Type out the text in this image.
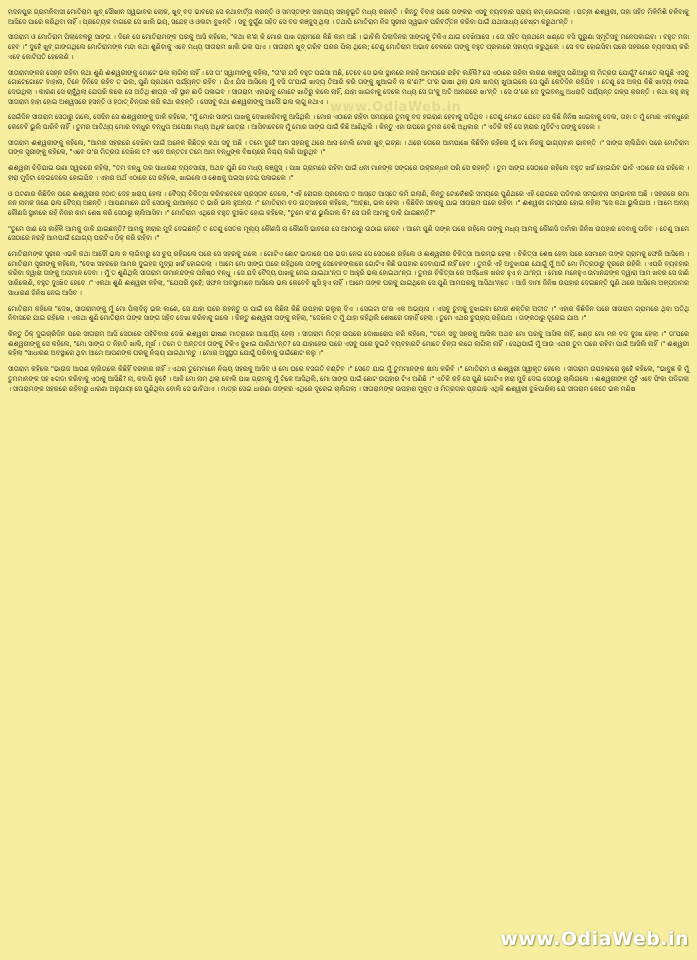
ମଦନପୁର ଗ୍ରାମନିବାସୀ ମୋତିରାମ ଖୁବ୍ ସୌଖୀନ ସ୍ୱଭାବର ଲୋକ, ଖୁବ୍ ବଡ଼ ଭାବରେ ସେ କଥାବାର୍ତ୍ତା କରନ୍ତି ଓ ସମସ୍ତଙ୍କ ସାହାଯ୍ୟ ସହାନୁଭୂତି ମଧ୍ୟ କରନ୍ତି । କିନ୍ତୁ ବିବାହ ପରେ ତାଙ୍କର ଏସବୁ ବ୍ୟବହାର ପ୍ରାୟ କମ୍ ହୋଇଗଲା । ପତ୍ନୀ ଈଶ୍ୱରୀ, ତାହା ସହିତ ମିଳିମିଶି ଚଳିବାକୁ ଆସିଦେ ପାରେ କରିଥିବା ନାହିଁ । ପ୍ରତ୍ୟେକ ବାଗରେ ସେ ଖାଲି ଭୟ, ସନ୍ଦେହ ଓ ଓଲଟା ବୁଝନ୍ତି । ସବୁ ଦୁର୍ଗୁଣ ସହିତ ସେ ବଡ କଞ୍ଜୁସ୍ ଥିଲା । ତଥାପି ମୋତିରାମ ନିଜ ସ୍ତ୍ରୀର ସ୍ୱଭାବ ପରିବର୍ତ୍ତନ କରିବା ପାଇଁ ଯଥାସାଧ୍ୟ ଚେଷ୍ଟା କରୁଥା'ନ୍ତି ।

ସୀତାରାମ ଓ ମୋତିରାମ ପିଲାବେଳରୁ ସାଙ୍ଗ । ଦିନେ ସେ ମୋତିରାମଙ୍କ ଘରକୁ ଆସି କହିଲେ, "କଥା କ'ଣ କି ମୋର ପାଖ ଗ୍ରାମରେ କିଛି କାମ ଅଛି । ଭାବିଲି ପିଲାଦିନର ସାଙ୍ଗକୁ ଟିକିଏ ଯାଇ ଦେଖିଆସେ । ତୋ ସହିତ ପ୍ରଥମେ ଖଣ୍ଡେ ବସି ପୁରୁଣା ସ୍ମୃତିସବୁ ମନେପକାଇବା । ବହୁତ ମଜା ହେବ ।" ଦୁହେଁ ଖୁବ୍ ଗାଙ୍ଗଥିଲେ ମୋତିରାମଙ୍କ ମନ୍ଦା କଥା ଶୁଣିବାକୁ ଏବେ ମଧ୍ୟ ସୀତାରାମ ଖାଲି ଭଲ ପାଏ । ସୀତାରାମ ଖୁବ୍ ଗରିବ ଘରର ପିଲା ଥିଲେ; ତେଣୁ ମୋତିରାମ ଅଭାବ ବେଳରେ ତାଙ୍କୁ ବହୁତ ପ୍ରକାରେ ସହାୟତା କରୁଥିଲେ । ସେ ବଡ ହୋଇସିବା ପରେ ସହରରେ ବ୍ୟବସାୟ କରି ଏବେ କୋଟିପତି ହେଲେଣି ।

ସୀତାରାମଙ୍କର ସେହ୍ନ ରହିବା କଥା ଶୁଣି ଈଶ୍ୱରୀଙ୍କୁ ମୋଟେ ଭଲ ଲାଗିଲା ନାହିଁ । ସେ ତା' ସ୍ୱାମୀଙ୍କୁ କହିଲା, "ତା'ର ଯଦି ବହୁତ ପଇସା ଅଛି, ତେବେ ସେ ଭଲ ସ୍ଥାନରେ ନରହି ଆମଘରେ ରହିବ କାହିଁକି? ସେ ଏଠାରେ ରହିବା କାରଣ କଞ୍ଜୁସ୍ ପଣିଆରୁ ନା ମିତ୍ରତା ଯୋଗୁଁ? ମୋତେ ଲାଗୁଛି ଏସବୁ ଗୋଟେଗୋଟେ ବାହାନା, ତିନେ ଦିନିଦେ ରହିବ ତ ଭଲ, ପୁଣି ପ୍ରଥମେ ପର୍ଯ୍ୟନ୍ତ ରହିବ । ଯିଏ ଯିସ ଆସିଲେ ମୁଁ ବସି ତା'ପାଇଁ ଖାଦ୍ୟ ତିଆରି କରି ତାଙ୍କୁ ଖୁଆଇବି ନା କ'ଣ?" ତା'ର ଭାଷା ଥିଲା ଭଲ ଖାଦ୍ୟ ଖୁଆଇଲେ ସେ ପୁଣି କେତିଦିନ ରହିଯିବ । ତେଣୁ ସେ ଅଳ୍ପ କିଛି ଖାଦ୍ୟ ବନାଇ ଦେଉଥିଲା । କାରଣ ସେ ଚାହୁଁଥିଲା ଯେପରି କଲେ ସେ ଅତିଥି ଶୀଘ୍ର ଏହି ସ୍ଥାନ ଛାଡି ପଳାଇବ । ସୀତାରାମ ଏହାଭାବୁ ମୋଟେ ଖାତିରୁ କଲେ ନାହିଁ, ଯାହା ଖାଇବାକୁ ଦେଲେ ମଧ୍ୟ ସେ ତା'କୁ ଅତି ଆନନ୍ଦରେ ଖା'ନ୍ତି । ସେ ତା'ରେ ଦେ ଦୁଇବନ୍ଧୁ ଅଧରାତି ପର୍ଯ୍ୟନ୍ତ ଗଳ୍ପ କରନ୍ତି । କଥା କହୁ କହୁ ସୀତାରାମ ହାହା ହୋଇ ଅଶ୍ୱସରେ ହସନ୍ତି ଓ ହଠାତ୍ ଚିନ୍ତାର କରି କଥା ଲହନ୍ତି । ସେସବୁ କଥା ଈଶ୍ୱରୀଙ୍କୁ ଆଦୌ ଭଲ ଲାଗୁ ନଥାଏ ।

ସେଇଁଦିନ ସୀତାରାମ ସେଠାରୁ ଗଲେ, ସେଦିନ ସେ ଈଶ୍ୱରୀଙ୍କୁ ଡାକି କହିଲେ, "ମୁଁ ମୋର ସାଙ୍ଗ ପାଖକୁ ଦେଖାକରିବାକୁ ଆସିଥିଲି । ମୋର ଏଠାରେ ରହିବା ସମୟରେ ତୁମକୁ ବଡ ହଇରାଣ ହେବାକୁ ପଡିଥିବ । ତେଣୁ ମୋତେ ଯେତେ ସେ କିଛି ଜିନିଷ ଖାଇବାକୁ ଦେଲ, ତାହା ତ ମୁଁ ମୋର ଏବନ୍ଧୁରେ କେବେବି ଭୁଲି ପାରିବି ନାହିଁ । ତୁମର ଆତିଥ୍ୟ ମୋର ବନ୍ଧୁର ବନ୍ଧୁତା ଅପେକ୍ଷା ମଧ୍ୟ ଅଧିକ ଖେତ୍ରା । ଆସିବାବେଳେ ମୁଁ ମୋର ସାଙ୍ଗ ପାଇଁ କିଛି ଆଣିଥିଲି । କିନ୍ତୁ ଏହା ଉପରେ ତୁମର ବେଶି ଅଧିକାର ।" ଏତିକି କହି ସେ ହୀରାର ମୁଦିଟିଏ ତାଙ୍କୁ ଦେଲେ ।

ସୀତାରାମ ଈଶ୍ୱରୀଙ୍କୁ କହିଲେ, "ଆମର ସହରରେ ଦେଖିବା ପାଇଁ ଅନେକ କିଛିତ୍ର କଥା ସବୁ ଅଛି । ତମେ ଦୁହେଁ ଆମ ସହରକୁ ଥରେ ଆସ ବୋଲି ମୋର ଖୁବ୍ ଇଚ୍ଛା । ଥରେ ତୋରେ ଆମପାଖେ କିଛିଦିନ ରହିଲେ ମୁଁ ମୋ ନିଜକୁ ଭାଗ୍ୟବାନ ଭାବନ୍ତି ।" ସାଙ୍ଗ ଚାଲିଯିବା ପରେ ମୋତିରାମ ତାଙ୍କ ସ୍ତ୍ରୀଙ୍କୁ କହିଲେ, "ଏବେ ତା'ର ମିତ୍ରତା ଦେଖିଲ ତ? ଏବେ ଅନ୍ତତଃ ତମେ ଆମ ବନ୍ଧୁଙ୍କ ବିଷୟରେ ନିଶ୍ଚୟ କାଣି ପାରୁଥିବ ।"

ଈଶ୍ୱରୀ ଚିଡ଼ିଯାଇ ଉଣା ସ୍ୱରରେ କହିଲା, "ତମ ବନ୍ଧୁ ତାର ସାଧାରଣ ବ୍ୟବସାୟୀ, ଅଥଚ ପୁଣି ସେ ମଧ୍ୟ କଞ୍ଜୁସ୍ । ପାଖ ଗ୍ରାମରେ ରହିବା ପାଇଁ ଧନୀ ମାନଙ୍କ ସଙ୍ଗରେ ଉକ୍ରନ୍ଧନ ପରି ସେ ରହନ୍ତି । ତୁମ ସାଙ୍ଗ ସେଠାରେ ରହିଲେ ବହୁତ ଖର୍ଚ୍ଚ ହୋଇଯିବ ଭାବି ଏଠାରେ ସେ ରହିଲେ । ହୀରା ମୁଦିଟା ଦେଇଦେଲେ ହୋଇଯିବ । ଏହାର ଅର୍ଥ ଏଠାରେ ସେ ରହିଲେ, ଖାଇଲେ ଓ ଶେଷକୁ ପଇସା ଦେଇ ପଳାଇଲେ ।"

ଓ ଘଟଣାର କିଛିଦିନ ପରେ ଈଶ୍ୱରୀର ହଠାତ୍ ଦେହ ଖରାପ୍ ହେଲା । ବୈଦ୍ୟ ଚିକିତ୍ସା କରିବାବେଳେ ପ୍ରସ୍ତାବ ଦେଲେ, "ଏହି ରୋଗର ପ୍ରକୋପ ତ ଆସ୍ତେ ଆସ୍ତେ କମି ଗଲାଣି, କିନ୍ତୁ ଟୋକେଁଶରି ସମୟରେ ପୁଣିଥରେ ଏହି ରୋଗରେ ପଡିବାର ସମ୍ଭାବନା ସମ୍ଭାବନା ଅଛି । ସହରରେ ରମା ନନ ନାମକ ଜଣେ ଭଲ ବୈଦ୍ୟ ଅଛନ୍ତି । ଆପଣମାନେ ଯଦି ସେଠାକୁ ଯାଆନ୍ତେ ତ ଭାରି ଭଲ ହୁଅନ୍ତା ।" ମୋତିରାମ ବଡ ଉତ୍ସାହରେ କହିଲେ, "ଅଚ୍ଛା, ଭଲ ହେଲା । କିଛିଦିନ ସହରକୁ ଯାଇ ସୀତାରାମ ଘରେ ରହିବା ।" ଈଶ୍ୱରୀ ଗମ୍ଭୀର ହୋଇ କହିଲା "ସେ କଥା ଭୁଲିଯାଅ । ଆମେ ଅନ୍ୟ କୌଣସି ସ୍ଥାନରେ ରହି ନିଜର କାମ ଶେଷ କରି ସେଠାରୁ ଚାଲିଆସିବା ।" ମୋତିରାମ ଏଥିରେ ବହୁତ ଦୁଃଖିତ ହୋଇ କହିଲେ, "ତୁମେ କ'ଣ ଭୁଲିଗଲ କି? ସେ ତାକି ଆମକୁ ଡାକି ଯାଇଛନ୍ତି?"

"ତୁମେ ଜାଣ ସେ କାହିଁକି ଆମକୁ ଡାକି ଯାଇଛନ୍ତି? ଆମକୁ ହୀରାର ମୁଦି ଦେଇଛନ୍ତି ତ ତେଣୁ ସେତକ ମୂଲ୍ୟ କୌଣସି ନା କୌଣସି ଭାବରେ ସେ ଆମଠାରୁ ଉଠାଇ ନେବେ । ଆମେ ପୁଣି ତାଙ୍କ ଘରେ ରହିଲେ ତାଙ୍କୁ ମଧ୍ୟ ଆମକୁ କୌଣସି ଦାମିକା ଜିନିଷ ଉପହାର ଦେବାକୁ ପଡିବ । ତେଣୁ ଆମେ ସେଠାରେ ନରହି ଆମପାଇଁ ଯୋଗ୍ୟ ଘରଟିଏ ଠିକ୍ କରି ରହିବା ।"

ମୋତିରାମଙ୍କ ସ୍ତ୍ରୀର ଏଭଳି କଥା ଆଦୌ ଭଲ ନ ଲାଗିବାରୁ ସେ ଚୁପ୍ ରହିଗଲେ ପରେ ସେ ସହରକୁ ଗଲେ । ଗୋଟିଏ ଛୋଟ ଭାଡାରେ ଘର ଭଡା ନେଇ ସେ ସେଠାରେ ରହିଲେ ଓ ଈଶ୍ୱରୀର ଚିକିତ୍ସା ଆରମ୍ଭ ହେଲା । ଚିକିତ୍ସା ଶେଷ ହେବା ପରେ ସେମାନେ ତାଙ୍କ ଗ୍ରାମକୁ ଫେରି ଆସିଲେ । ମୋତିରାମ ସ୍ତ୍ରୀଙ୍କୁ କହିଲେ, "ଦେଖ ସହରରେ ଆମର ଦୁଇହଜ ମୁଦ୍ରା ଖର୍ଚ୍ଚ ହୋଇଗଲା । ଆମେ ମୋ ସାଙ୍ଗ ଘରେ ରହିଥିଲେ ତାଙ୍କୁ ସେବେଳଙ୍କାରେ ଗୋଟିଏ କିଛି ଉପହାର ଦେବାପାଇଁ ନାହିଁ ହେବ । ତୁମରି ଏହି ଅବୁଝାପଣ ଯୋଗୁଁ ମୁଁ ଅତି ମୋ ମିତ୍ରଠାରୁ ଦୂରରେ ରହିଲି । ଏପରି ବ୍ୟବହାର କରିବା ଦ୍ୱାରା ତାଙ୍କୁ ଅପମାନ ଦେବା । ମୁଁ ତ ଶୁଣିଥିଲି ସୀତାରାମ ଉମାନନ୍ଦଙ୍କ ଘନିଷ୍ଠ ବନ୍ଧୁ । ସେ ଯଦି ବୈଦ୍ୟ ପାଖକୁ ନେଇ ଯାଇଥା'ନ୍ତା ତ ଆହୁରି ଭଲ ହୋଇଥା'ନ୍ତା । ତୁମର ଚିକିତ୍ସା ରେ ଅର୍ଦ୍ଧେକ ଖରଚ ହୁଏ ନ ଥା'ନ୍ତା । ମୋର ମନେହୁଏ ଉମାନନ୍ଦଙ୍କ ଦ୍ୱାରା ଆମ ଖବର ସେ ଜାଣି ସାରିଲେଣି, ବହୁତ ଦୁଃଖିତ ହେବେ ।" ଏକଥା ଶୁଣି ଈଶ୍ୱରୀ କହିଲା, "ଯେପରି ନୁହେଁ; ସଫଳ ଅବସ୍ଥାମାନେ ଆସିଲେ ଭଲ କେବେବି ଖୁସି ହୁଏ ନାହିଁ । ଆମେ ତାଙ୍କ ଘରକୁ ଯାଇଥିଲେ ସେ ପୁଣି ଆମଘରକୁ ଆସିଥା'ନ୍ତେ । ଆଜି ଦାମୀ ଜିନିଷ ଉପହାର ଦେଇଛନ୍ତି ପୁଣି ଥରେ ଆସିଲେ ଅଳ୍ପଦାମର ସାଧାରଣ ଜିନିଷ ନେଇ ଆସିବ ।

ମୋତିରାମ କହିଲେ "ଦେଖ, ସୀତାରାମଙ୍କୁ ମୁଁ ମୋ ପିଲାଦିନୁ ଭଲ କାଣେ, ସେ ଯାହା ଘରେ ରହନ୍ତୁ ତା ପାଇଁ ସେ କିଛିନା କିଛି ଉପହାର ଭଲୁର୍ ଦିଏ । ସେଇଟା ତା'ର ଏକ ଅଭ୍ୟାସ । ଏସବୁ ତୁମକୁ ବୁଝାଇବା ମୋର ଶକ୍ତିର ଅତୀତ ।" ଏହାର କିଛିଦିନ ପରେ ସୀତାରାମ ଗ୍ରାମରେ ଥିବା ଅତିଥି ନିବାସରେ ଯାଇ ରହିଲେ । ଏକଥା ଶୁଣି ମୋତିରାମ ତାଙ୍କ ସାଙ୍ଗ ସହିତ ଦେଖା କରିବାକୁ ଗଲେ । କିନ୍ତୁ ଈଶ୍ୱରୀ ତାଙ୍କୁ କହିଲା, "ଦେଖିଲ ତ ମୁଁ ଯାହା କହିଥିଲି ଶେଷରେ ତାହାହିଁ ହେଲା । ତୁମେ ଏଥର ଚୁପ୍‌ଚାପ୍ ରହିଯାଅ । ତାଙ୍କଠାରୁ ଦୂରେଇ ଯାଅ ।"

କିନ୍ତୁ ଠିକ୍ ଦୁଇଚାରିଦିନ ପରେ ସୀତାରାମ ଆସି ସେଠାରେ ପହଁଚିବାର ଦେଖି ଈଶ୍ୱରୀ ଭୀଷଣ ମାତ୍ରାରେ ଆଶ୍ଚର୍ଯ୍ୟ ହେଲା । ସୀତାରାମ ମିତ୍ର ଉପରେ ଦୋଷାରୋପ କରି କହିଲେ, "ତମେ ସବୁ ସହରକୁ ଆସିଲ ଅଥଚ ମୋ ଘରକୁ ଆସିଲ ନାହିଁ, ଖଣ୍ଡ ମୋ ମନ ବଡ ଦୁଃଖ ହେଲା ।" ତା'ପରେ ଈଶ୍ୱରୀଙ୍କୁ ସେ କହିଲେ, "ମୋ ସାଙ୍ଗ ତ ନିହାତି ଖାଲି, ମୂର୍ଖ । ତମେ ତ ଅନ୍ତତଃ ତାଙ୍କୁ ଟିକିଏ ବୁଝାଇ ପାରିଥା'ନ୍ତ? ସେ ଯାହାହେଉ ପରେ ଏସବୁ ପରେ ଦୁଇଟି ବ୍ୟବହାରଟି ମୋତେ ଚିନ୍ତା ଲଗେ ଲାଗିଲା ନାହିଁ । ସେଥିପାଇଁ ମୁଁ ଆଉ ଏଥର ତୁମ ଘରେ ରହିବା ପାଇଁ ଆସିଲି ନାହିଁ ।" ଈଶ୍ୱରୀ କହିଲା "ସାଧାରଣ ଅବସ୍ଥାରେ ଥିବା ଆମେ ଆପଣଙ୍କ ଘରକୁ ନିଶ୍ଚୟ ଯାଇଥା'ନ୍ତୁ । ମୋର ଅସୁସ୍ଥତା ଯୋଗୁଁ ଘରିବାକୁ ଉଇଁଛୋଟ କଲୁ ।"

ସୀତାରାମ କହିଲେ "ଭାଉଜ ଆପଣ ଚାଲିଗଲେ କିଛିହିଁ ଦରକାର ନାହିଁ । ଏଥର ତୁମେମାନେ ନିଶ୍ଚୟ ସହରକୁ ଆସିବ ଓ ମୋ ଘରେ ବସଗତି ବଣ୍ଟିବ ।" ସେତେ ଯାଇ ମୁଁ ତୁମମାନଙ୍କ କ୍ଷମା କରିବି ।" ମୋତିରାମ ଓ ଈଶ୍ୱରୀ ସ୍ୱୀକୃତ ହେଲେ । ସୀତାରାମ ଉପହାରରେ ନୁହେଁ କହିଲେ, "ଭାବୁଛ କି ମୁଁ ତୁମମାନଙ୍କ ସହ ଝଗଡା କରିବାକୁ ଏଠାକୁ ଆସିଛି? ନା, କଦାପି ନୁହେଁ । ଆଜି ମୋ ନାମ ଥିଲା ବୋଲି ପାଖ ଗ୍ରାମକୁ ମୁଁ ଟିକେ ଆସିଥିଲି, ମୋ ସାଙ୍ଗ ପାଇଁ ଛୋଟ ଉପହାର ଟିଏ ଅଣିଛି ।" ଏତିକି କହି ସେ ପୁଣି ଗୋଟିଏ ହୀରା ମୁଦି ଦେଇ ସେଠାରୁ ଚାଲିଗଲେ । ଈଶ୍ୱରୀଙ୍କ ମୁହଁ ଏବେ ଫିକା ପଡିଗଲା । ସୀତାରାମଙ୍କ ସହରରେ ରହିବାରୁ ଧାରଣା ଅନୁଯାୟୀ ସେ ପୁଣିଥିବା ବୋଲି ସେ ଭାବିଥାଏ । ମାତ୍ର ସେଇ ଧାରଣା ତାଙ୍କର ଏଥିରେ ଦୂରେଇ ଚାଲିଗଲା । ସୀତାରାମଙ୍କ ଉପହାର ମୁକ୍ତ ଓ ମିତ୍ରତାର ପ୍ରଗାଢ ଏଥିକି ଈଶ୍ୱରୀ ବୁଝିପାରିଲା ଯେ ସୀତାରାମ କେତେ ଭଲ ମଣିଷ

www.OdiaWeb.in
www.OdiaWeb.in
